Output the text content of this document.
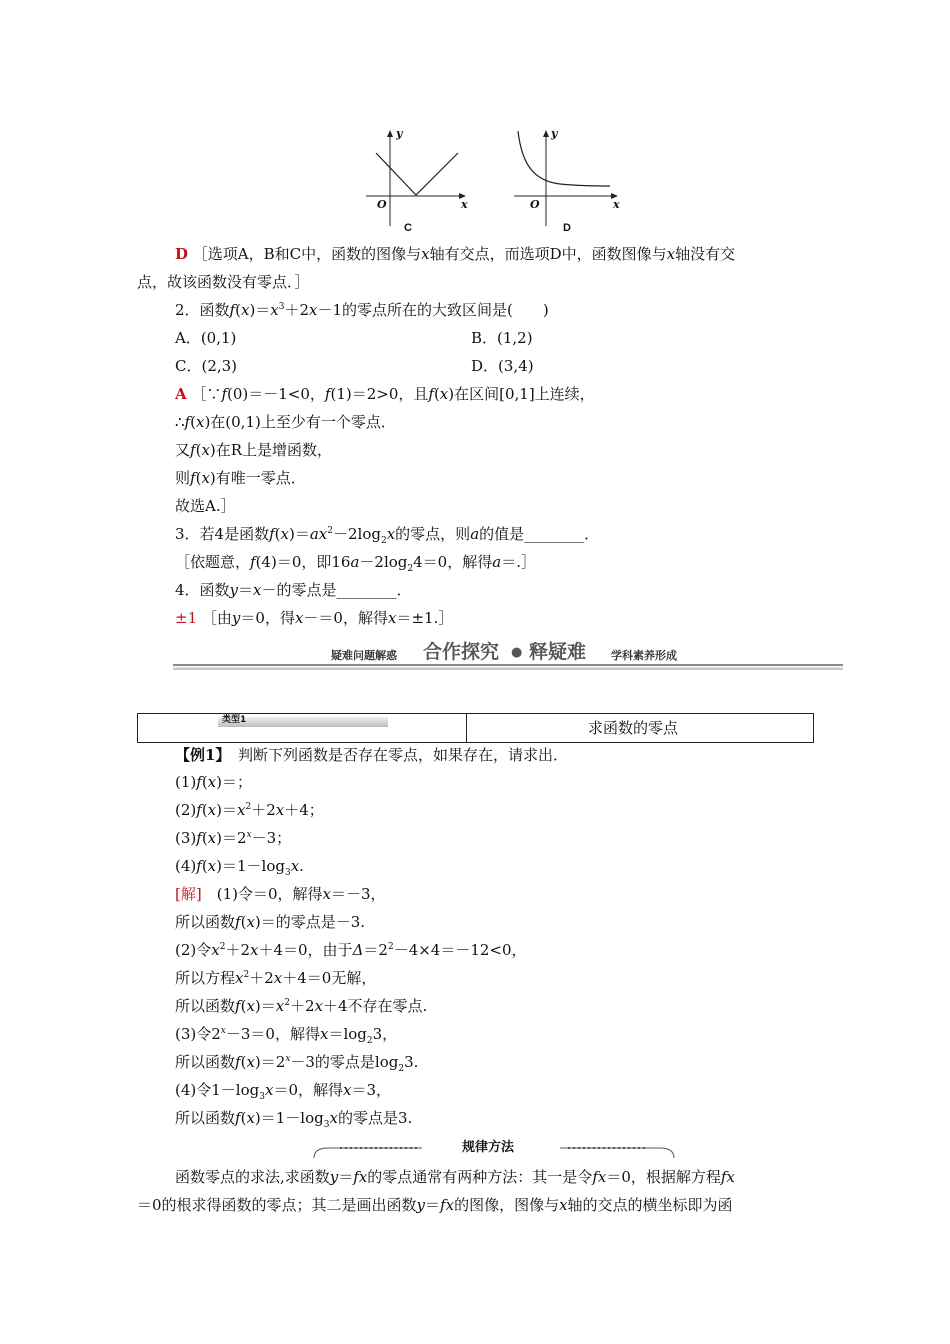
y
x
O
C
y
x
O
D
D ［选项A，B和C中，函数的图像与x轴有交点，而选项D中，函数图像与x轴没有交
点，故该函数没有零点．］
2．函数$f(x)=x^3+2x-1$的零点所在的大致区间是(　　)
A．(0,1)	B．(1,2)
C．(2,3)	D．(3,4)
A ［∵f(0)＝－1<0，f(1)＝2>0，且f(x)在区间[0,1]上连续，
∴f(x)在(0,1)上至少有一个零点．
又f(x)在R上是增函数，
则f(x)有唯一零点．
故选A.］
3．若4是函数$f(x)=ax^2-2\log_2x$的零点，则a的值是________．
［依题意，f(4)＝0，即$16a-2\log_24=0$，解得a＝.］
4．函数y＝x－的零点是________．
±1 ［由y＝0，得x－＝0，解得x＝±1.］
疑难问题解惑 合作探究 ● 释疑难 学科素养形成
类型1	求函数的零点
【例1】　 判断下列函数是否存在零点，如果存在，请求出．
(1)f(x)＝；
$(2)f(x)=x^2+2x+4$；
$(3)f(x)=2^x-3$；
$(4)f(x)=1-\log_3x$.
[解]　 (1)令＝0，解得x＝－3，
所以函数f(x)＝的零点是－3.
(2)令$x^2+2x+4=0$，由于$\Delta=2^2-4\times 4=-12<0$，
所以方程$x^2+2x+4=0$无解，
所以函数$f(x)=x^2+2x+4$不存在零点.
(3)令$2^x-3=0$，解得$x=\log_23$，
所以函数$f(x)=2^x-3$的零点是$\log_23$.
(4)令$1-\log_3x=0$，解得x＝3，
所以函数$f(x)=1-\log_3x$的零点是3.
规律方法
函数零点的求法,求函数y＝fx的零点通常有两种方法：其一是令fx＝0，根据解方程fx
＝0的根求得函数的零点；其二是画出函数y＝fx的图像，图像与x轴的交点的横坐标即为函
